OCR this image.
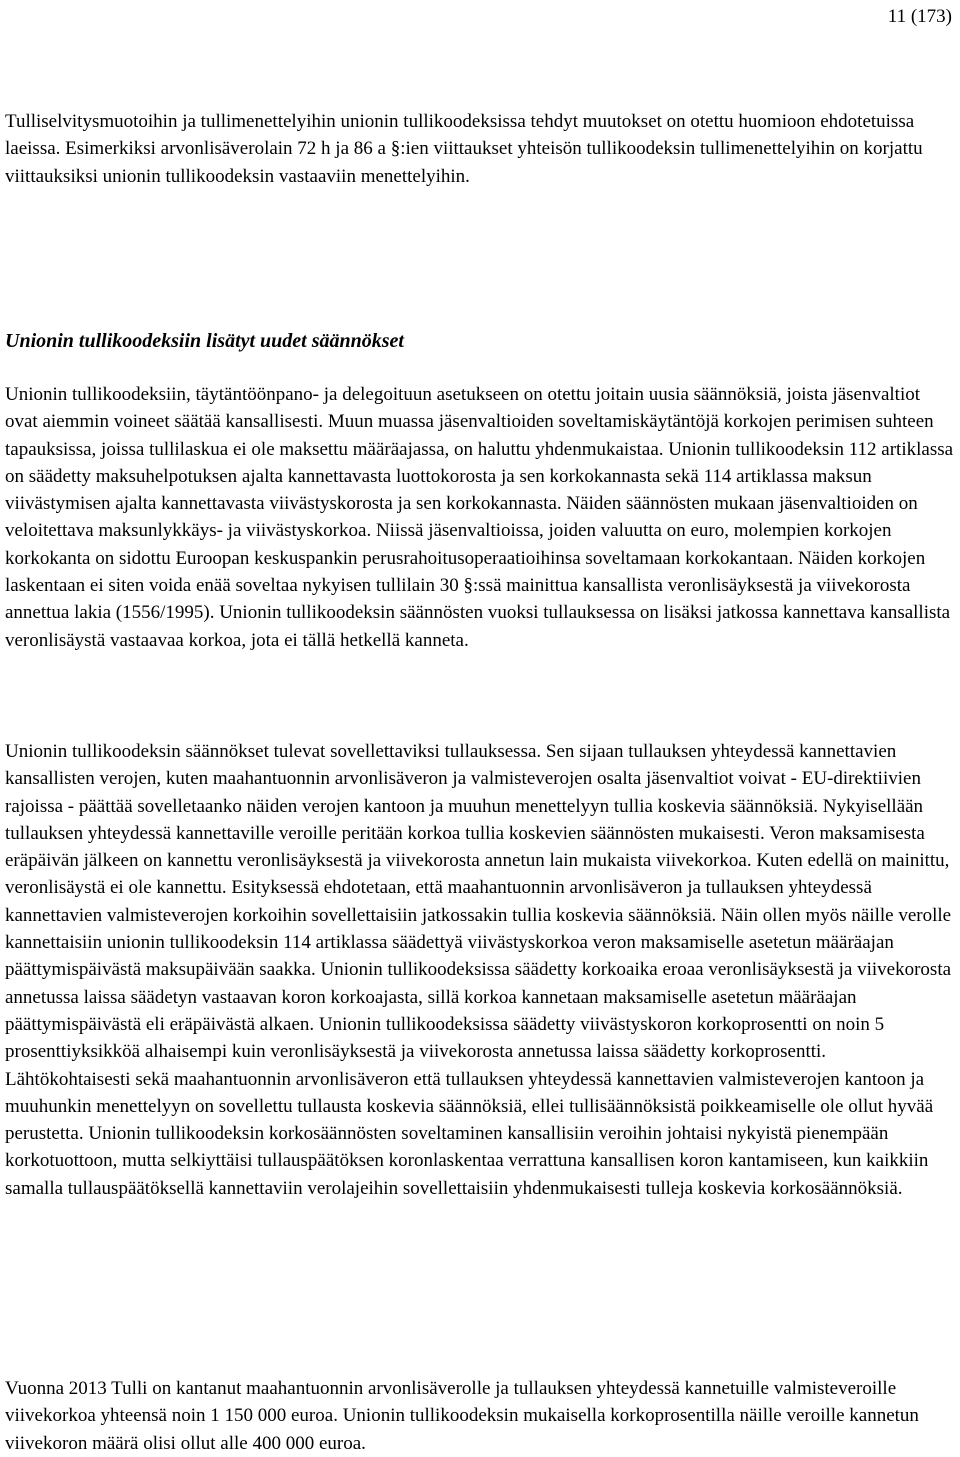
11 (173)

Tulliselvitysmuotoihin ja tullimenettelyihin unionin tullikoodeksissa tehdyt muutokset on otettu huomioon ehdotetuissa laeissa. Esimerkiksi arvonlisäverolain 72 h ja 86 a §:ien viittaukset yhteisön tullikoodeksin tullimenettelyihin on korjattu viittauksiksi unionin tullikoodeksin vastaaviin menettelyihin.

Unionin tullikoodeksiin lisätyt uudet säännökset

Unionin tullikoodeksiin, täytäntöönpano- ja delegoituun asetukseen on otettu joitain uusia säännöksiä, joista jäsenvaltiot ovat aiemmin voineet säätää kansallisesti. Muun muassa jäsenvaltioiden soveltamiskäytäntöjä korkojen perimisen suhteen tapauksissa, joissa tullilaskua ei ole maksettu määräajassa, on haluttu yhdenmukaistaa. Unionin tullikoodeksin 112 artiklassa on säädetty maksuhelpotuksen ajalta kannettavasta luottokorosta ja sen korkokannasta sekä 114 artiklassa maksun viivästymisen ajalta kannettavasta viivästyskorosta ja sen korkokannasta. Näiden säännösten mukaan jäsenvaltioiden on veloitettava maksunlykkäys- ja viivästyskorkoa. Niissä jäsenvaltioissa, joiden valuutta on euro, molempien korkojen korkokanta on sidottu Euroopan keskuspankin perusrahoitusoperaatioihinsa soveltamaan korkokantaan. Näiden korkojen laskentaan ei siten voida enää soveltaa nykyisen tullilain 30 §:ssä mainittua kansallista veronlisäyksestä ja viivekorosta annettua lakia (1556/1995). Unionin tullikoodeksin säännösten vuoksi tullauksessa on lisäksi jatkossa kannettava kansallista veronlisäystä vastaavaa korkoa, jota ei tällä hetkellä kanneta.

Unionin tullikoodeksin säännökset tulevat sovellettaviksi tullauksessa. Sen sijaan tullauksen yhteydessä kannettavien kansallisten verojen, kuten maahantuonnin arvonlisäveron ja valmisteverojen osalta jäsenvaltiot voivat - EU-direktiivien rajoissa - päättää sovelletaanko näiden verojen kantoon ja muuhun menettelyyn tullia koskevia säännöksiä. Nykyisellään tullauksen yhteydessä kannettaville veroille peritään korkoa tullia koskevien säännösten mukaisesti. Veron maksamisesta eräpäivän jälkeen on kannettu veronlisäyksestä ja viivekorosta annetun lain mukaista viivekorkoa. Kuten edellä on mainittu, veronlisäystä ei ole kannettu. Esityksessä ehdotetaan, että maahantuonnin arvonlisäveron ja tullauksen yhteydessä kannettavien valmisteverojen korkoihin sovellettaisiin jatkossakin tullia koskevia säännöksiä. Näin ollen myös näille verolle kannettaisiin unionin tullikoodeksin 114 artiklassa säädettyä viivästyskorkoa veron maksamiselle asetetun määräajan päättymispäivästä maksupäivään saakka. Unionin tullikoodeksissa säädetty korkoaika eroaa veronlisäyksestä ja viivekorosta annetussa laissa säädetyn vastaavan koron korkoajasta, sillä korkoa kannetaan maksamiselle asetetun määräajan päättymispäivästä eli eräpäivästä alkaen. Unionin tullikoodeksissa säädetty viivästyskoron korkoprosentti on noin 5 prosenttiyksikköä alhaisempi kuin veronlisäyksestä ja viivekorosta annetussa laissa säädetty korkoprosentti. Lähtökohtaisesti sekä maahantuonnin arvonlisäveron että tullauksen yhteydessä kannettavien valmisteverojen kantoon ja muuhunkin menettelyyn on sovellettu tullausta koskevia säännöksiä, ellei tullisäännöksistä poikkeamiselle ole ollut hyvää perustetta. Unionin tullikoodeksin korkosäännösten soveltaminen kansallisiin veroihin johtaisi nykyistä pienempään korkotuottoon, mutta selkiyttäisi tullauspäätöksen koronlaskentaa verrattuna kansallisen koron kantamiseen, kun kaikkiin samalla tullauspäätöksellä kannettaviin verolajeihin sovellettaisiin yhdenmukaisesti tulleja koskevia korkosäännöksiä.

Vuonna 2013 Tulli on kantanut maahantuonnin arvonlisäverolle ja tullauksen yhteydessä kannetuille valmisteveroille viivekorkoa yhteensä noin 1 150 000 euroa. Unionin tullikoodeksin mukaisella korkoprosentilla näille veroille kannetun viivekoron määrä olisi ollut alle 400 000 euroa.
